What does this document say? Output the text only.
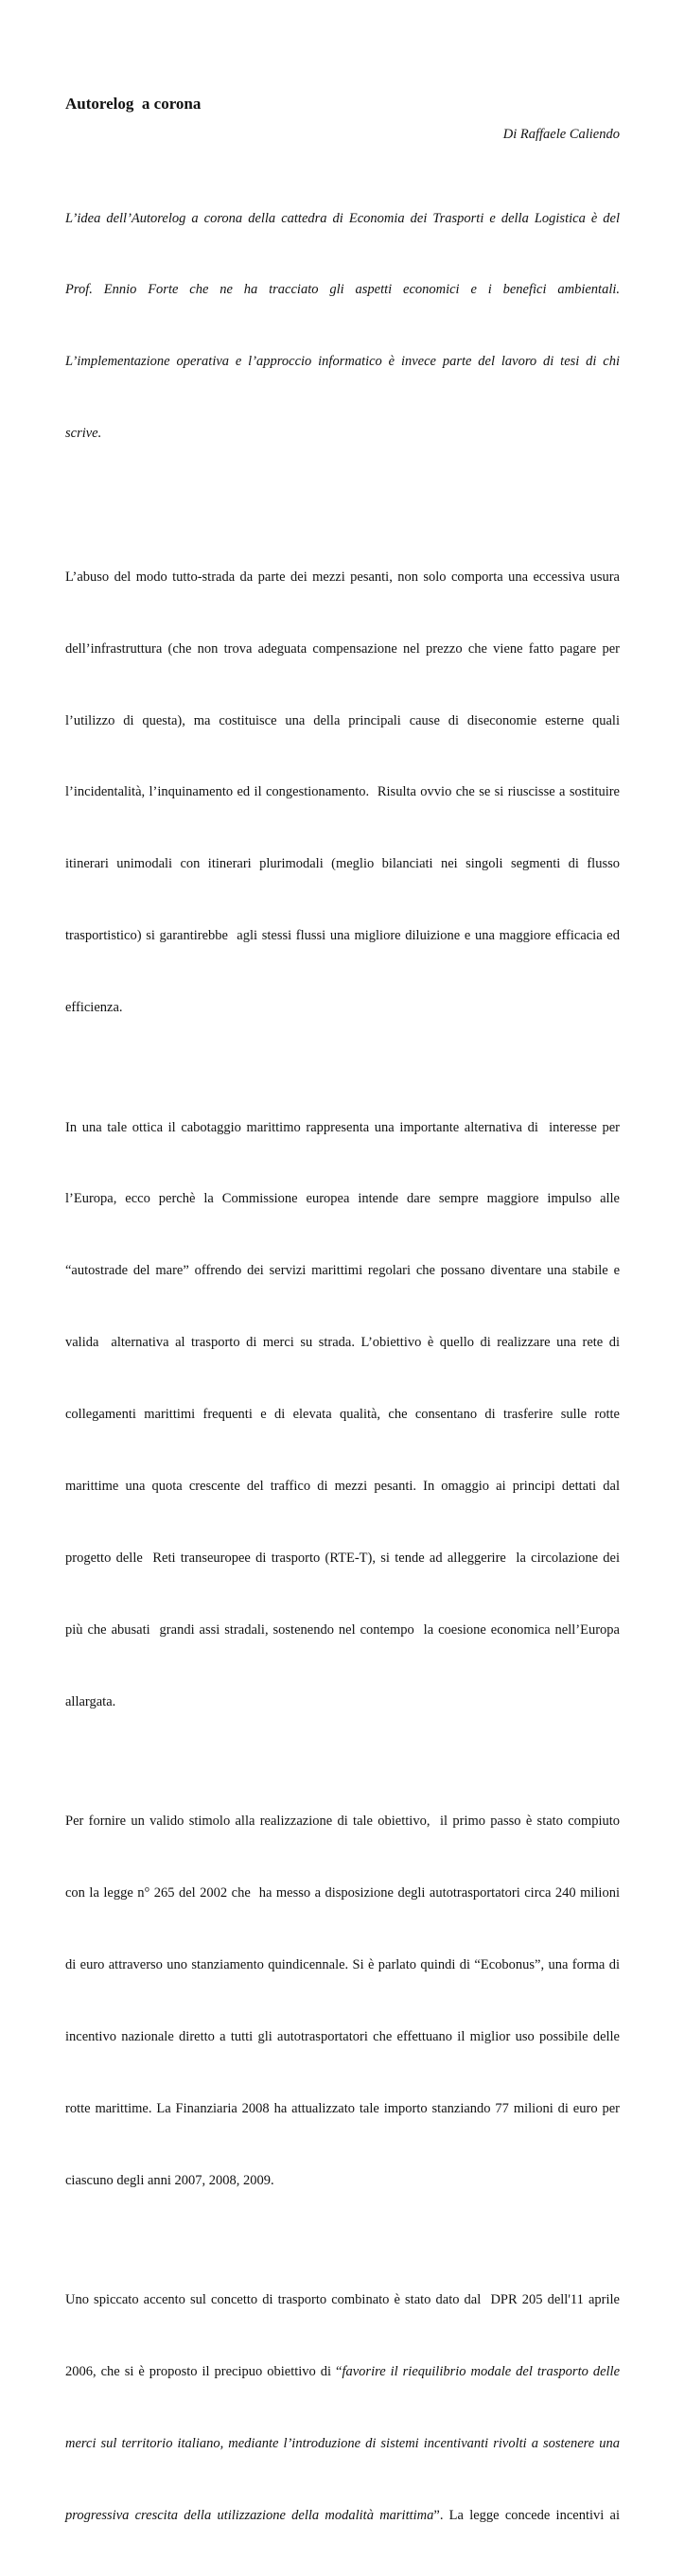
Autorelog  a corona
Di Raffaele Caliendo

L’idea dell’Autorelog a corona della cattedra di Economia dei Trasporti e della Logistica è del

Prof. Ennio Forte che ne ha tracciato gli aspetti economici e i benefici ambientali.

L’implementazione operativa e l’approccio informatico è invece parte del lavoro di tesi di chi

scrive.

L’abuso del modo tutto-strada da parte dei mezzi pesanti, non solo comporta una eccessiva usura

dell’infrastruttura (che non trova adeguata compensazione nel prezzo che viene fatto pagare per

l’utilizzo di questa), ma costituisce una della principali cause di diseconomie esterne quali

l’incidentalità, l’inquinamento ed il congestionamento.  Risulta ovvio che se si riuscisse a sostituire

itinerari unimodali con itinerari plurimodali (meglio bilanciati nei singoli segmenti di flusso

trasportistico) si garantirebbe  agli stessi flussi una migliore diluizione e una maggiore efficacia ed

efficienza.

In una tale ottica il cabotaggio marittimo rappresenta una importante alternativa di  interesse per

l’Europa, ecco perchè la Commissione europea intende dare sempre maggiore impulso alle

“autostrade del mare” offrendo dei servizi marittimi regolari che possano diventare una stabile e

valida  alternativa al trasporto di merci su strada. L’obiettivo è quello di realizzare una rete di

collegamenti marittimi frequenti e di elevata qualità, che consentano di trasferire sulle rotte

marittime una quota crescente del traffico di mezzi pesanti. In omaggio ai principi dettati dal

progetto delle  Reti transeuropee di trasporto (RTE-T), si tende ad alleggerire  la circolazione dei

più che abusati  grandi assi stradali, sostenendo nel contempo  la coesione economica nell’Europa

allargata.

Per fornire un valido stimolo alla realizzazione di tale obiettivo,  il primo passo è stato compiuto

con la legge n° 265 del 2002 che  ha messo a disposizione degli autotrasportatori circa 240 milioni

di euro attraverso uno stanziamento quindicennale. Si è parlato quindi di “Ecobonus”, una forma di

incentivo nazionale diretto a tutti gli autotrasportatori che effettuano il miglior uso possibile delle

rotte marittime. La Finanziaria 2008 ha attualizzato tale importo stanziando 77 milioni di euro per

ciascuno degli anni 2007, 2008, 2009.

Uno spiccato accento sul concetto di trasporto combinato è stato dato dal  DPR 205 dell'11 aprile

2006, che si è proposto il precipuo obiettivo di “favorire il riequilibrio modale del trasporto delle

merci sul territorio italiano, mediante l’introduzione di sistemi incentivanti rivolti a sostenere una

progressiva crescita della utilizzazione della modalità marittima”. La legge concede incentivi ai
